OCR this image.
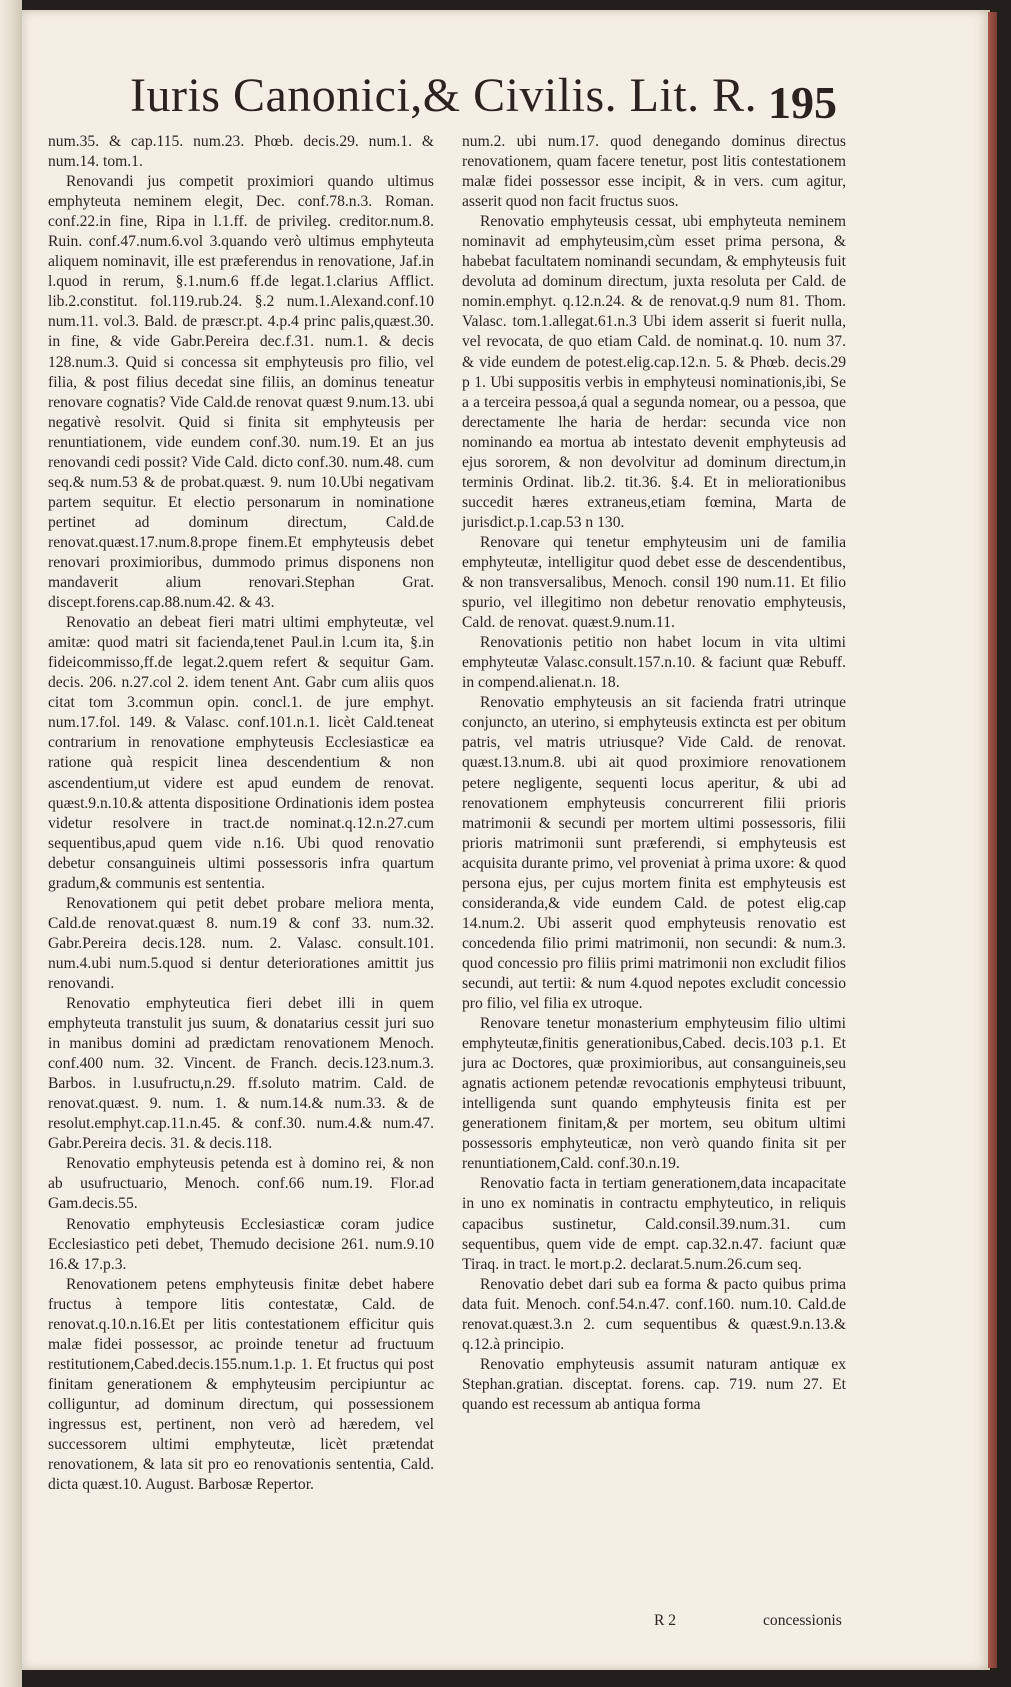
Iuris Canonici,& Civilis. Lit. R. 195

num.35. & cap.115. num.23. Phœb. decis.29. num.1. & num.14. tom.1.

Renovandi jus competit proximiori quando ultimus emphyteuta neminem elegit, Dec. conf.78.n.3. Roman. conf.22.in fine, Ripa in l.1.ff. de privileg. creditor.num.8. Ruin. conf.47.num.6.vol 3.quando verò ultimus emphyteuta aliquem nominavit, ille est præferendus in renovatione, Jaf.in l.quod in rerum, §.1.num.6 ff.de legat.1.clarius Afflict. lib.2.constitut. fol.119.rub.24. §.2 num.1.Alexand.conf.10 num.11. vol.3. Bald. de præscr.pt. 4.p.4 princ palis,quæst.30. in fine, & vide Gabr.Pereira dec.f.31. num.1. & decis 128.num.3. Quid si concessa sit emphyteusis pro filio, vel filia, & post filius decedat sine filiis, an dominus teneatur renovare cognatis? Vide Cald.de renovat quæst 9.num.13. ubi negativè resolvit. Quid si finita sit emphyteusis per renuntiationem, vide eundem conf.30. num.19. Et an jus renovandi cedi possit? Vide Cald. dicto conf.30. num.48. cum seq.& num.53 & de probat.quæst. 9. num 10.Ubi negativam partem sequitur. Et electio personarum in nominatione pertinet ad dominum directum, Cald.de renovat.quæst.17.num.8.prope finem.Et emphyteusis debet renovari proximioribus, dummodo primus disponens non mandaverit alium renovari.Stephan Grat. discept.forens.cap.88.num.42. & 43.

Renovatio an debeat fieri matri ultimi emphyteutæ, vel amitæ: quod matri sit facienda,tenet Paul.in l.cum ita, §.in fideicommisso,ff.de legat.2.quem refert & sequitur Gam. decis. 206. n.27.col 2. idem tenent Ant. Gabr cum aliis quos citat tom 3.commun opin. concl.1. de jure emphyt. num.17.fol. 149. & Valasc. conf.101.n.1. licèt Cald.teneat contrarium in renovatione emphyteusis Ecclesiasticæ ea ratione quà respicit linea descendentium & non ascendentium,ut videre est apud eundem de renovat. quæst.9.n.10.& attenta dispositione Ordinationis idem postea videtur resolvere in tract.de nominat.q.12.n.27.cum sequentibus,apud quem vide n.16. Ubi quod renovatio debetur consanguineis ultimi possessoris infra quartum gradum,& communis est sententia.

Renovationem qui petit debet probare meliora menta, Cald.de renovat.quæst 8. num.19 & conf 33. num.32. Gabr.Pereira decis.128. num. 2. Valasc. consult.101. num.4.ubi num.5.quod si dentur deteriorationes amittit jus renovandi.

Renovatio emphyteutica fieri debet illi in quem emphyteuta transtulit jus suum, & donatarius cessit juri suo in manibus domini ad prædictam renovationem Menoch. conf.400 num. 32. Vincent. de Franch. decis.123.num.3. Barbos. in l.usufructu,n.29. ff.soluto matrim. Cald. de renovat.quæst. 9. num. 1. & num.14.& num.33. & de resolut.emphyt.cap.11.n.45. & conf.30. num.4.& num.47. Gabr.Pereira decis. 31. & decis.118.

Renovatio emphyteusis petenda est à domino rei, & non ab usufructuario, Menoch. conf.66 num.19. Flor.ad Gam.decis.55.

Renovatio emphyteusis Ecclesiasticæ coram judice Ecclesiastico peti debet, Themudo decisione 261. num.9.10 16.& 17.p.3.

Renovationem petens emphyteusis finitæ debet habere fructus à tempore litis contestatæ, Cald. de renovat.q.10.n.16.Et per litis contestationem efficitur quis malæ fidei possessor, ac proinde tenetur ad fructuum restitutionem,Cabed.decis.155.num.1.p. 1. Et fructus qui post finitam generationem & emphyteusim percipiuntur ac colliguntur, ad dominum directum, qui possessionem ingressus est, pertinent, non verò ad hæredem, vel successorem ultimi emphyteutæ, licèt prætendat renovationem, & lata sit pro eo renovationis sententia, Cald. dicta quæst.10. August. Barbosæ Repertor.

num.2. ubi num.17. quod denegando dominus directus renovationem, quam facere tenetur, post litis contestationem malæ fidei possessor esse incipit, & in vers. cum agitur, asserit quod non facit fructus suos.

Renovatio emphyteusis cessat, ubi emphyteuta neminem nominavit ad emphyteusim,cùm esset prima persona, & habebat facultatem nominandi secundam, & emphyteusis fuit devoluta ad dominum directum, juxta resoluta per Cald. de nomin.emphyt. q.12.n.24. & de renovat.q.9 num 81. Thom. Valasc. tom.1.allegat.61.n.3 Ubi idem asserit si fuerit nulla, vel revocata, de quo etiam Cald. de nominat.q. 10. num 37. & vide eundem de potest.elig.cap.12.n. 5. & Phœb. decis.29 p 1. Ubi suppositis verbis in emphyteusi nominationis,ibi, Se a a terceira pessoa,á qual a segunda nomear, ou a pessoa, que derectamente lhe haria de herdar: secunda vice non nominando ea mortua ab intestato devenit emphyteusis ad ejus sororem, & non devolvitur ad dominum directum,in terminis Ordinat. lib.2. tit.36. §.4. Et in meliorationibus succedit hæres extraneus,etiam fœmina, Marta de jurisdict.p.1.cap.53 n 130.

Renovare qui tenetur emphyteusim uni de familia emphyteutæ, intelligitur quod debet esse de descendentibus, & non transversalibus, Menoch. consil 190 num.11. Et filio spurio, vel illegitimo non debetur renovatio emphyteusis, Cald. de renovat. quæst.9.num.11.

Renovationis petitio non habet locum in vita ultimi emphyteutæ Valasc.consult.157.n.10. & faciunt quæ Rebuff. in compend.alienat.n. 18.

Renovatio emphyteusis an sit facienda fratri utrinque conjuncto, an uterino, si emphyteusis extincta est per obitum patris, vel matris utriusque? Vide Cald. de renovat. quæst.13.num.8. ubi ait quod proximiore renovationem petere negligente, sequenti locus aperitur, & ubi ad renovationem emphyteusis concurrerent filii prioris matrimonii & secundi per mortem ultimi possessoris, filii prioris matrimonii sunt præferendi, si emphyteusis est acquisita durante primo, vel proveniat à prima uxore: & quod persona ejus, per cujus mortem finita est emphyteusis est consideranda,& vide eundem Cald. de potest elig.cap 14.num.2. Ubi asserit quod emphyteusis renovatio est concedenda filio primi matrimonii, non secundi: & num.3. quod concessio pro filiis primi matrimonii non excludit filios secundi, aut tertii: & num 4.quod nepotes excludit concessio pro filio, vel filia ex utroque.

Renovare tenetur monasterium emphyteusim filio ultimi emphyteutæ,finitis generationibus,Cabed. decis.103 p.1. Et jura ac Doctores, quæ proximioribus, aut consanguineis,seu agnatis actionem petendæ revocationis emphyteusi tribuunt, intelligenda sunt quando emphyteusis finita est per generationem finitam,& per mortem, seu obitum ultimi possessoris emphyteuticæ, non verò quando finita sit per renuntiationem,Cald. conf.30.n.19.

Renovatio facta in tertiam generationem,data incapacitate in uno ex nominatis in contractu emphyteutico, in reliquis capacibus sustinetur, Cald.consil.39.num.31. cum sequentibus, quem vide de empt. cap.32.n.47. faciunt quæ Tiraq. in tract. le mort.p.2. declarat.5.num.26.cum seq.

Renovatio debet dari sub ea forma & pacto quibus prima data fuit. Menoch. conf.54.n.47. conf.160. num.10. Cald.de renovat.quæst.3.n 2. cum sequentibus & quæst.9.n.13.& q.12.à principio.

Renovatio emphyteusis assumit naturam antiquæ ex Stephan.gratian. disceptat. forens. cap. 719. num 27. Et quando est recessum ab antiqua forma

R 2	concessionis
